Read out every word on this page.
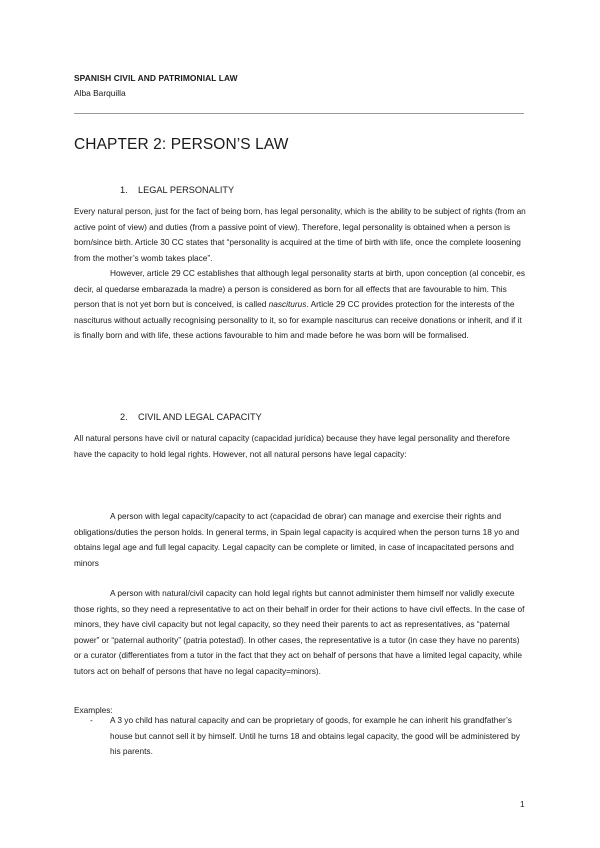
SPANISH CIVIL AND PATRIMONIAL LAW
Alba Barquilla
CHAPTER 2: PERSON’S LAW
1. LEGAL PERSONALITY

Every natural person, just for the fact of being born, has legal personality, which is the ability to be subject of rights (from an active point of view) and duties (from a passive point of view). Therefore, legal personality is obtained when a person is born/since birth. Article 30 CC states that “personality is acquired at the time of birth with life, once the complete loosening from the mother’s womb takes place”.

However, article 29 CC establishes that although legal personality starts at birth, upon conception (al concebir, es decir, al quedarse embarazada la madre) a person is considered as born for all effects that are favourable to him. This person that is not yet born but is conceived, is called nasciturus. Article 29 CC provides protection for the interests of the nasciturus without actually recognising personality to it, so for example nasciturus can receive donations or inherit, and if it is finally born and with life, these actions favourable to him and made before he was born will be formalised.

2. CIVIL AND LEGAL CAPACITY

All natural persons have civil or natural capacity (capacidad jurídica) because they have legal personality and therefore have the capacity to hold legal rights. However, not all natural persons have legal capacity:

A person with legal capacity/capacity to act (capacidad de obrar) can manage and exercise their rights and obligations/duties the person holds. In general terms, in Spain legal capacity is acquired when the person turns 18 yo and obtains legal age and full legal capacity. Legal capacity can be complete or limited, in case of incapacitated persons and minors

A person with natural/civil capacity can hold legal rights but cannot administer them himself nor validly execute those rights, so they need a representative to act on their behalf in order for their actions to have civil effects. In the case of minors, they have civil capacity but not legal capacity, so they need their parents to act as representatives, as “paternal power” or “paternal authority” (patria potestad). In other cases, the representative is a tutor (in case they have no parents) or a curator (differentiates from a tutor in the fact that they act on behalf of persons that have a limited legal capacity, while tutors act on behalf of persons that have no legal capacity=minors).

Examples:
- A 3 yo child has natural capacity and can be proprietary of goods, for example he can inherit his grandfather’s house but cannot sell it by himself. Until he turns 18 and obtains legal capacity, the good will be administered by his parents.
1
